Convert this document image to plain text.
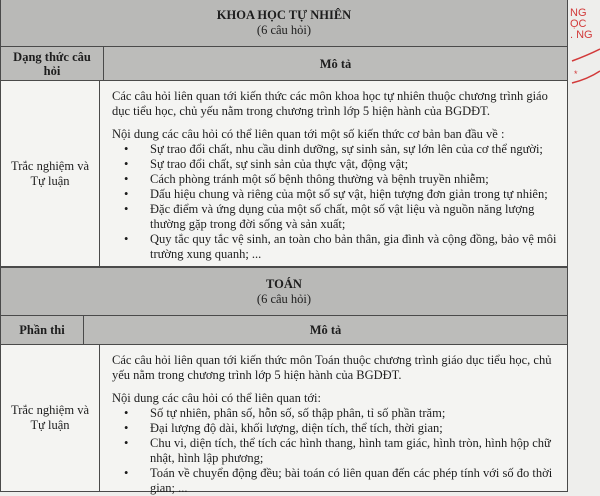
KHOA HỌC TỰ NHIÊN
(6 câu hỏi)
Dạng thức câu hỏi	Mô tả
Trắc nghiệm và Tự luận

Các câu hỏi liên quan tới kiến thức các môn khoa học tự nhiên thuộc chương trình giáo dục tiểu học, chủ yếu nằm trong chương trình lớp 5 hiện hành của BGDĐT.

Nội dung các câu hỏi có thể liên quan tới một số kiến thức cơ bản ban đầu về :

• Sự trao đổi chất, nhu cầu dinh dưỡng, sự sinh sản, sự lớn lên của cơ thể người;
• Sự trao đổi chất, sự sinh sản của thực vật, động vật;
• Cách phòng tránh một số bệnh thông thường và bệnh truyền nhiễm;
• Dấu hiệu chung và riêng của một số sự vật, hiện tượng đơn giản trong tự nhiên;
• Đặc điểm và ứng dụng của một số chất, một số vật liệu và nguồn năng lượng thường gặp trong đời sống và sản xuất;
• Quy tắc quy tắc vệ sinh, an toàn cho bản thân, gia đình và cộng đồng, bảo vệ môi trường xung quanh; ...
TOÁN
(6 câu hỏi)
Phần thi	Mô tả
Trắc nghiệm và Tự luận

Các câu hỏi liên quan tới kiến thức môn Toán thuộc chương trình giáo dục tiểu học, chủ yếu nằm trong chương trình lớp 5 hiện hành của BGDĐT.

Nội dung các câu hỏi có thể liên quan tới:

• Số tự nhiên, phân số, hỗn số, số thập phân, tỉ số phần trăm;
• Đại lượng độ dài, khối lượng, diện tích, thể tích, thời gian;
• Chu vi, diện tích, thể tích các hình thang, hình tam giác, hình tròn, hình hộp chữ nhật, hình lập phương;
• Toán về chuyển động đều; bài toán có liên quan đến các phép tính với số đo thời gian; ...
NG
ỌC
. NG
*
